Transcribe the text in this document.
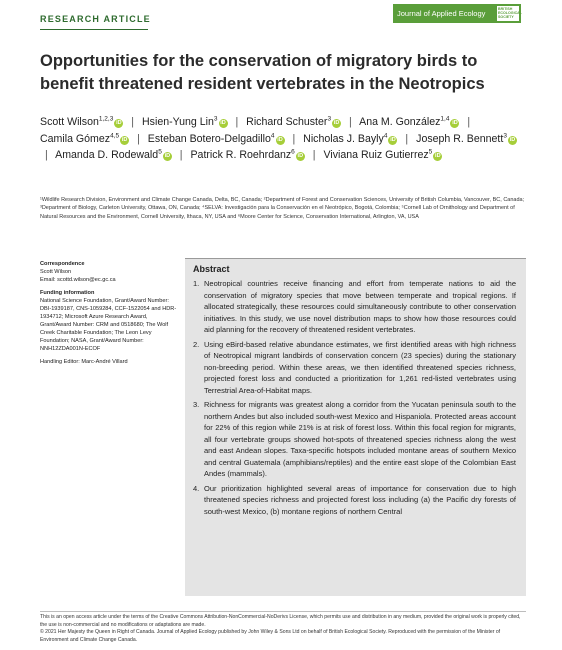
RESEARCH ARTICLE
Journal of Applied Ecology	BRITISH ECOLOGICAL SOCIETY
Opportunities for the conservation of migratory birds to benefit threatened resident vertebrates in the Neotropics
Scott Wilson$^{1,2,3}$iD | Hsien-Yung Lin$^3$iD | Richard Schuster$^3$iD | Ana M. González$^{1,4}$iD | Camila Gómez$^{4,5}$iD | Esteban Botero-Delgadillo$^4$iD | Nicholas J. Bayly$^4$iD | Joseph R. Bennett$^3$iD | Amanda D. Rodewald$^5$iD | Patrick R. Roehrdanz$^6$iD | Viviana Ruiz Gutierrez$^5$iD
¹Wildlife Research Division, Environment and Climate Change Canada, Delta, BC, Canada; ²Department of Forest and Conservation Sciences, University of British Columbia, Vancouver, BC, Canada; ³Department of Biology, Carleton University, Ottawa, ON, Canada; ⁴SELVA: Investigación para la Conservación en el Neotrópico, Bogotá, Colombia; ⁵Cornell Lab of Ornithology and Department of Natural Resources and the Environment, Cornell University, Ithaca, NY, USA and ⁶Moore Center for Science, Conservation International, Arlington, VA, USA

Correspondence

Scott Wilson

Email: scottd.wilson@ec.gc.ca

Funding information

National Science Foundation, Grant/Award Number: DBI-1939187, CNS-1059284, CCF-1522054 and HDR-1934712; Microsoft Azure Research Award, Grant/Award Number: CRM and 0518680; The Wolf Creek Charitable Foundation; The Leon Levy Foundation; NASA, Grant/Award Number: NNH12ZDA001N-ECOF

Handling Editor: Marc-André Villard

Abstract

1. Neotropical countries receive financing and effort from temperate nations to aid the conservation of migratory species that move between temperate and tropical regions. If allocated strategically, these resources could simultaneously contribute to other conservation initiatives. In this study, we use novel distribution maps to show how those resources could aid planning for the recovery of threatened resident vertebrates.
2. Using eBird-based relative abundance estimates, we first identified areas with high richness of Neotropical migrant landbirds of conservation concern (23 species) during the stationary non-breeding period. Within these areas, we then identified threatened species richness, projected forest loss and conducted a prioritization for 1,261 red-listed vertebrates using Terrestrial Area-of-Habitat maps.
3. Richness for migrants was greatest along a corridor from the Yucatan peninsula south to the northern Andes but also included south-west Mexico and Hispaniola. Protected areas account for 22% of this region while 21% is at risk of forest loss. Within this focal region for migrants, all four vertebrate groups showed hot-spots of threatened species richness along the west and east Andean slopes. Taxa-specific hotspots included montane areas of southern Mexico and central Guatemala (amphibians/reptiles) and the entire east slope of the Colombian East Andes (mammals).
4. Our prioritization highlighted several areas of importance for conservation due to high threatened species richness and projected forest loss including (a) the Pacific dry forests of south-west Mexico, (b) montane regions of northern Central

This is an open access article under the terms of the Creative Commons Attribution-NonCommercial-NoDerivs License, which permits use and distribution in any medium, provided the original work is properly cited, the use is non-commercial and no modifications or adaptations are made.

© 2021 Her Majesty the Queen in Right of Canada. Journal of Applied Ecology published by John Wiley & Sons Ltd on behalf of British Ecological Society. Reproduced with the permission of the Minister of Environment and Climate Change Canada.
